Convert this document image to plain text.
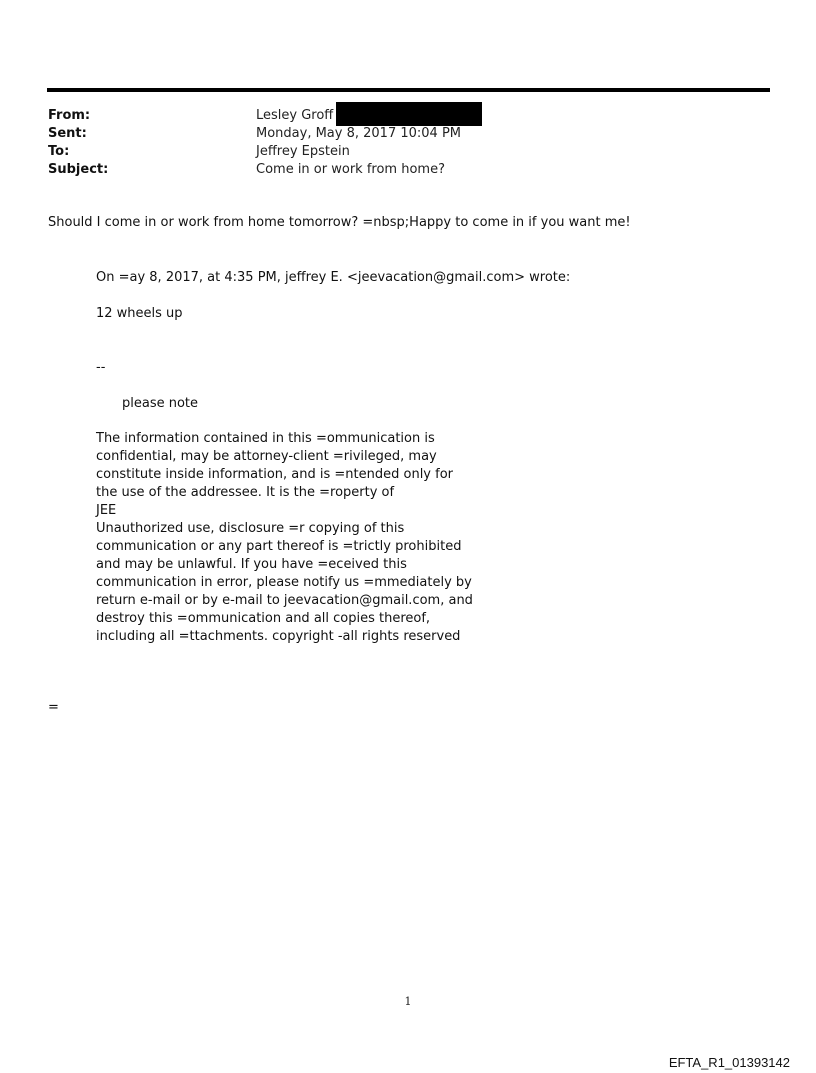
From:	Lesley Groff
Sent:	Monday, May 8, 2017 10:04 PM
To:	Jeffrey Epstein
Subject:	Come in or work from home?
Should I come in or work from home tomorrow? =nbsp;Happy to come in if you want me!
On =ay 8, 2017, at 4:35 PM, jeffrey E. <jeevacation@gmail.com> wrote:
12 wheels up
--
please note
The information contained in this =ommunication is
confidential, may be attorney-client =rivileged, may
constitute inside information, and is =ntended only for
the use of the addressee. It is the =roperty of
JEE
Unauthorized use, disclosure =r copying of this
communication or any part thereof is =trictly prohibited
and may be unlawful. If you have =eceived this
communication in error, please notify us =mmediately by
return e-mail or by e-mail to jeevacation@gmail.com, and
destroy this =ommunication and all copies thereof,
including all =ttachments. copyright -all rights reserved
=
1
EFTA_R1_01393142
